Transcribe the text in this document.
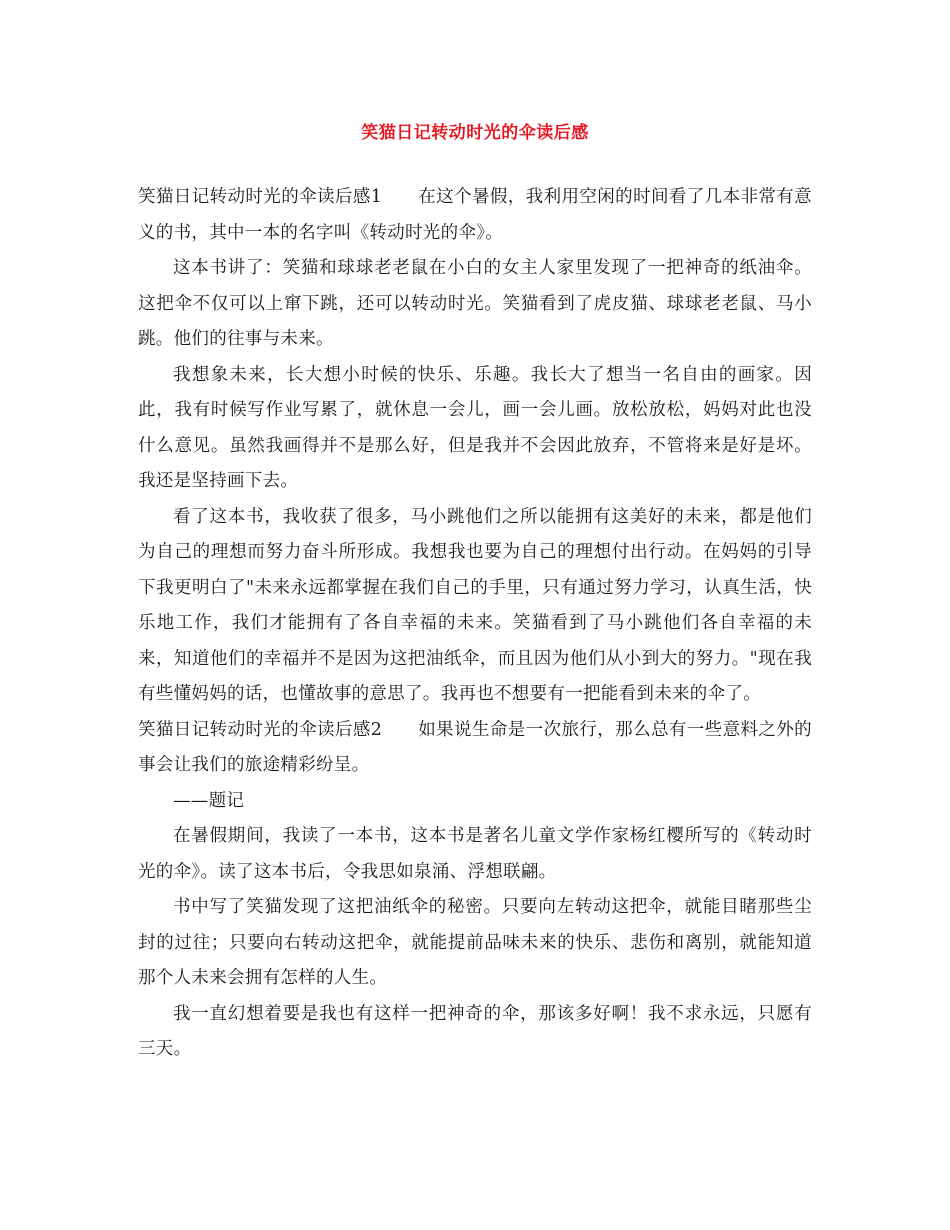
笑猫日记转动时光的伞读后感

笑猫日记转动时光的伞读后感1 在这个暑假，我利用空闲的时间看了几本非常有意义的书，其中一本的名字叫《转动时光的伞》。

这本书讲了：笑猫和球球老老鼠在小白的女主人家里发现了一把神奇的纸油伞。这把伞不仅可以上窜下跳，还可以转动时光。笑猫看到了虎皮猫、球球老老鼠、马小跳。他们的往事与未来。

我想象未来，长大想小时候的快乐、乐趣。我长大了想当一名自由的画家。因此，我有时候写作业写累了，就休息一会儿，画一会儿画。放松放松，妈妈对此也没什么意见。虽然我画得并不是那么好，但是我并不会因此放弃，不管将来是好是坏。我还是坚持画下去。

看了这本书，我收获了很多，马小跳他们之所以能拥有这美好的未来，都是他们为自己的理想而努力奋斗所形成。我想我也要为自己的理想付出行动。在妈妈的引导下我更明白了"未来永远都掌握在我们自己的手里，只有通过努力学习，认真生活，快乐地工作，我们才能拥有了各自幸福的未来。笑猫看到了马小跳他们各自幸福的未来，知道他们的幸福并不是因为这把油纸伞，而且因为他们从小到大的努力。"现在我有些懂妈妈的话，也懂故事的意思了。我再也不想要有一把能看到未来的伞了。

笑猫日记转动时光的伞读后感2 如果说生命是一次旅行，那么总有一些意料之外的事会让我们的旅途精彩纷呈。

——题记

在暑假期间，我读了一本书，这本书是著名儿童文学作家杨红樱所写的《转动时光的伞》。读了这本书后，令我思如泉涌、浮想联翩。

书中写了笑猫发现了这把油纸伞的秘密。只要向左转动这把伞，就能目睹那些尘封的过往；只要向右转动这把伞，就能提前品味未来的快乐、悲伤和离别，就能知道那个人未来会拥有怎样的人生。

我一直幻想着要是我也有这样一把神奇的伞，那该多好啊！我不求永远，只愿有三天。
